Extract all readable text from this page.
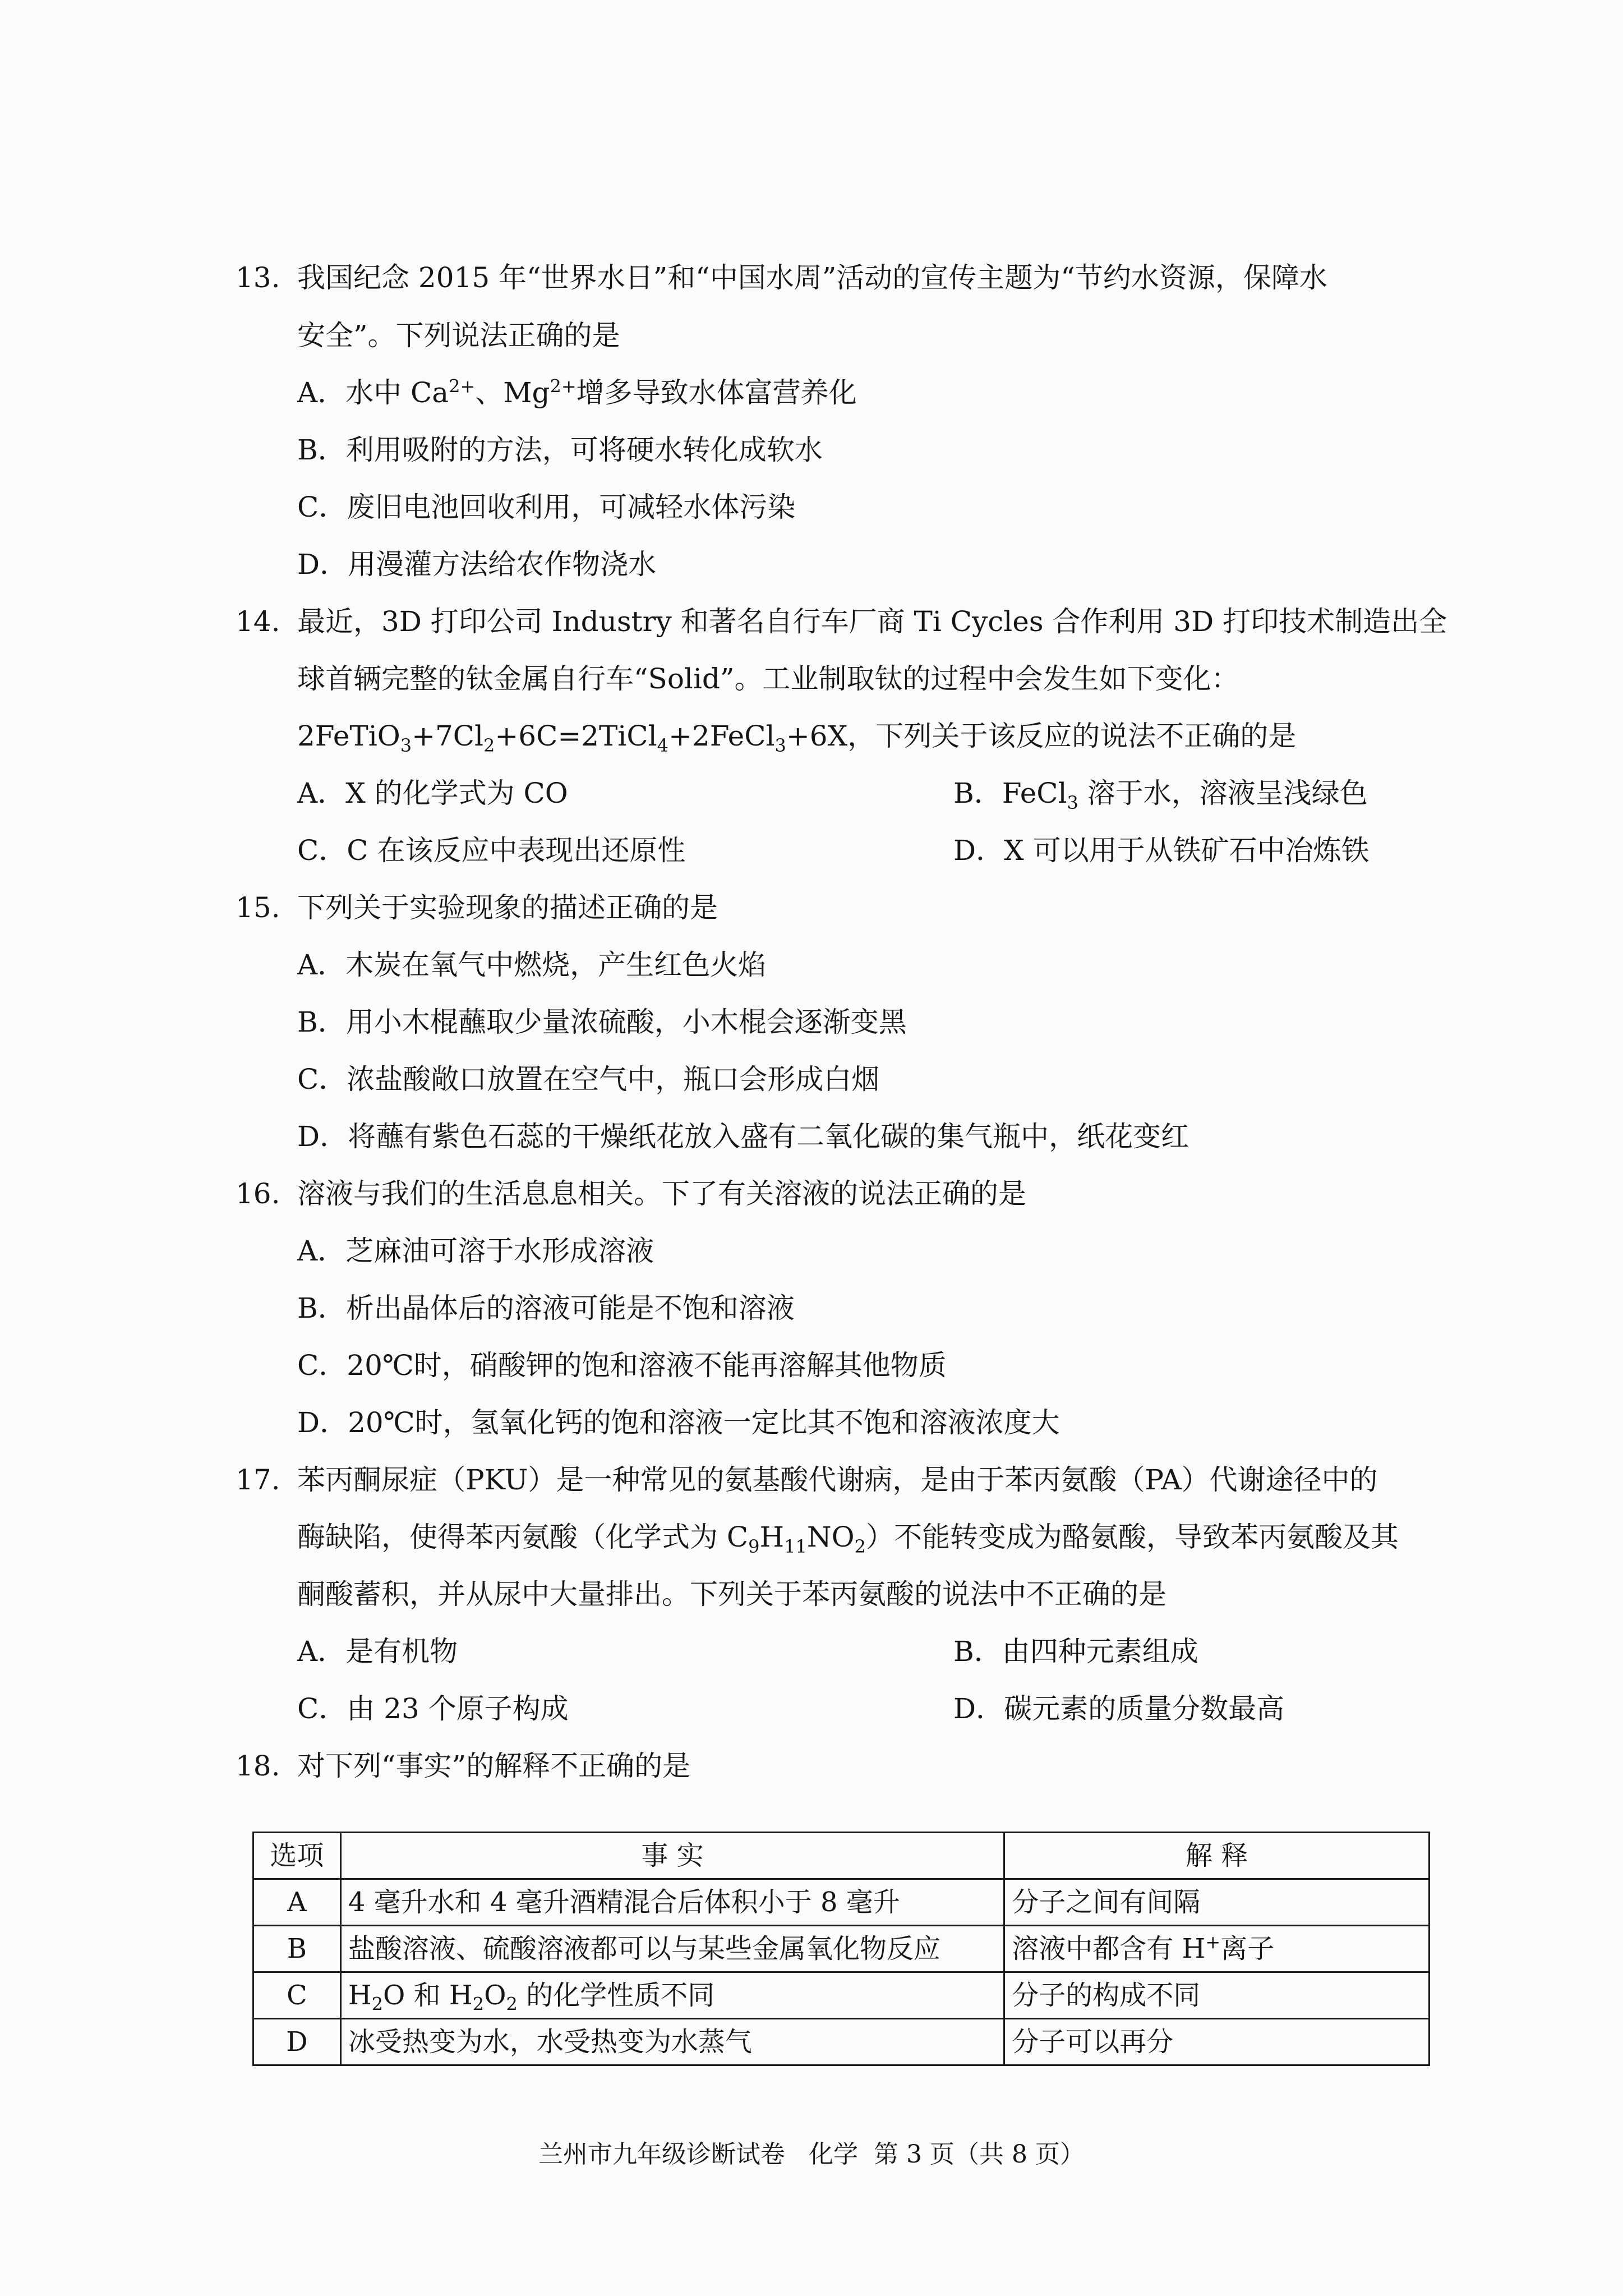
13. 我国纪念 2015 年“世界水日”和“中国水周”活动的宣传主题为“节约水资源，保障水
安全”。下列说法正确的是
A．水中 $Ca^{2+}$、$Mg^{2+}$增多导致水体富营养化
B．利用吸附的方法，可将硬水转化成软水
C．废旧电池回收利用，可减轻水体污染
D．用漫灌方法给农作物浇水
14. 最近，3D 打印公司 Industry 和著名自行车厂商 Ti Cycles 合作利用 3D 打印技术制造出全
球首辆完整的钛金属自行车“Solid”。工业制取钛的过程中会发生如下变化：
$2FeTiO_3+7Cl_2+6C=2TiCl_4+2FeCl_3+6X$，下列关于该反应的说法不正确的是
A．X 的化学式为 CO	B．FeCl$_3$ 溶于水，溶液呈浅绿色
C．C 在该反应中表现出还原性	D．X 可以用于从铁矿石中冶炼铁
15. 下列关于实验现象的描述正确的是
A．木炭在氧气中燃烧，产生红色火焰
B．用小木棍蘸取少量浓硫酸，小木棍会逐渐变黑
C．浓盐酸敞口放置在空气中，瓶口会形成白烟
D．将蘸有紫色石蕊的干燥纸花放入盛有二氧化碳的集气瓶中，纸花变红
16. 溶液与我们的生活息息相关。下了有关溶液的说法正确的是
A．芝麻油可溶于水形成溶液
B．析出晶体后的溶液可能是不饱和溶液
C．20℃时，硝酸钾的饱和溶液不能再溶解其他物质
D．20℃时，氢氧化钙的饱和溶液一定比其不饱和溶液浓度大
17. 苯丙酮尿症（PKU）是一种常见的氨基酸代谢病，是由于苯丙氨酸（PA）代谢途径中的
酶缺陷，使得苯丙氨酸（化学式为 $C_9H_{11}NO_2$）不能转变成为酪氨酸，导致苯丙氨酸及其
酮酸蓄积，并从尿中大量排出。下列关于苯丙氨酸的说法中不正确的是
A．是有机物	B．由四种元素组成
C．由 23 个原子构成	D．碳元素的质量分数最高
18. 对下列“事实”的解释不正确的是
选项	事 实	解 释
A	4 毫升水和 4 毫升酒精混合后体积小于 8 毫升	分子之间有间隔
B	盐酸溶液、硫酸溶液都可以与某些金属氧化物反应	溶液中都含有 H+离子
C	$H_2O$ 和 $H_2O_2$ 的化学性质不同	分子的构成不同
D	冰受热变为水，水受热变为水蒸气	分子可以再分
兰州市九年级诊断试卷   化学  第 3 页（共 8 页）
